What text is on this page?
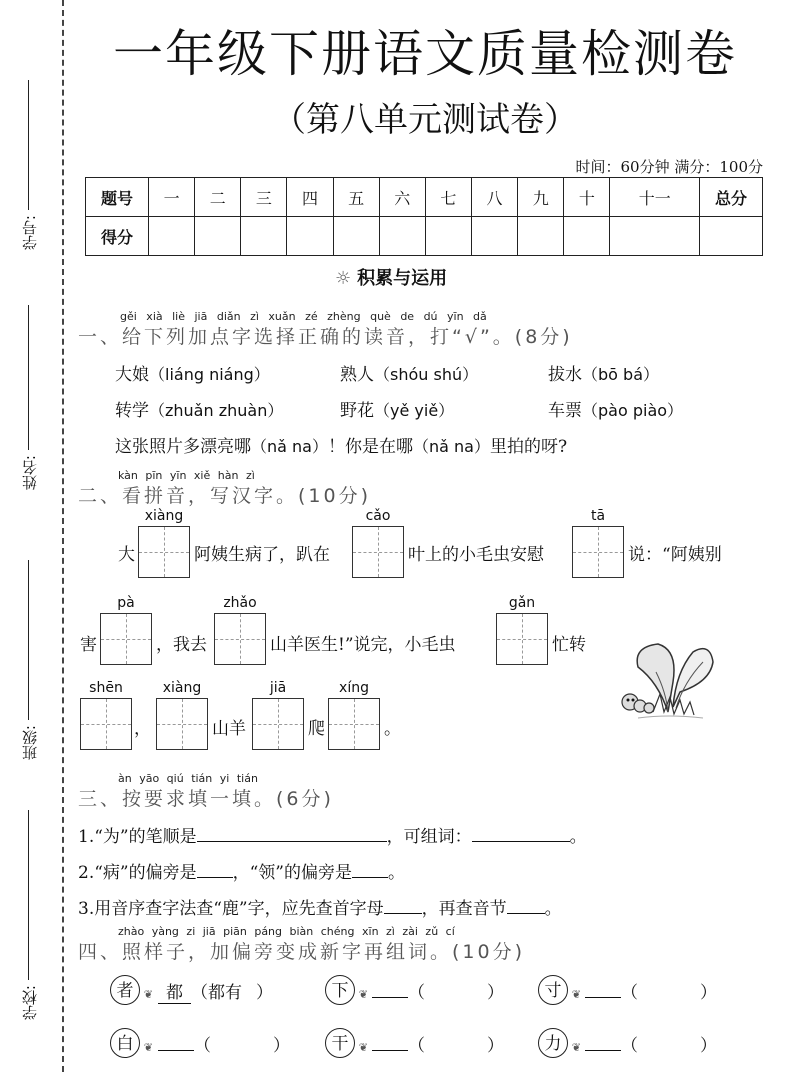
学号:
姓名:
班级:
学校:
一年级下册语文质量检测卷
（第八单元测试卷）
时间：60分钟 满分：100分
题号	一	二	三	四	五	六	七	八	九	十	十一	总分
得分												
☼ 积累与运用
gěi xià liè jiā diǎn zì xuǎn zé zhèng què de dú yīn dǎ
一、给下列加点字选择正确的读音，打“√”。(8分)
大娘（liáng niáng）	熟人（shóu shú）	拔水（bō bá）
转学（zhuǎn zhuàn）	野花（yě yiě）	车票（pào piào）
这张照片多漂亮哪（nǎ na）！你是在哪（nǎ na）里拍的呀?
kàn pīn yīn xiě hàn zì
二、看拼音，写汉字。(10分)
xiàng
大	阿姨生病了，趴在
cǎo
叶上的小毛虫安慰
tā
说：“阿姨别
害
pà
，我去
zhǎo
山羊医生!”说完，小毛虫
gǎn
忙转
shēn
，
xiàng
山羊
jiā
爬
xíng
。
àn yāo qiú tián yi tián
三、按要求填一填。(6分)
1.“为”的笔顺是	，可组词：	。
2.“病”的偏旁是 ，“领”的偏旁是 。
3.用音序查字法查“鹿”字，应先查首字母 ，再查音节 。
zhào yàng zi jiā piān páng biàn chéng xīn zì zài zǔ cí
四、照样子，加偏旁变成新字再组词。(10分)
者 ❦ 都 （都有 ）	下 ❦	（	）	寸 ❦	（	）
白 ❦	（	）	干 ❦	（	）	力 ❦	（	）
